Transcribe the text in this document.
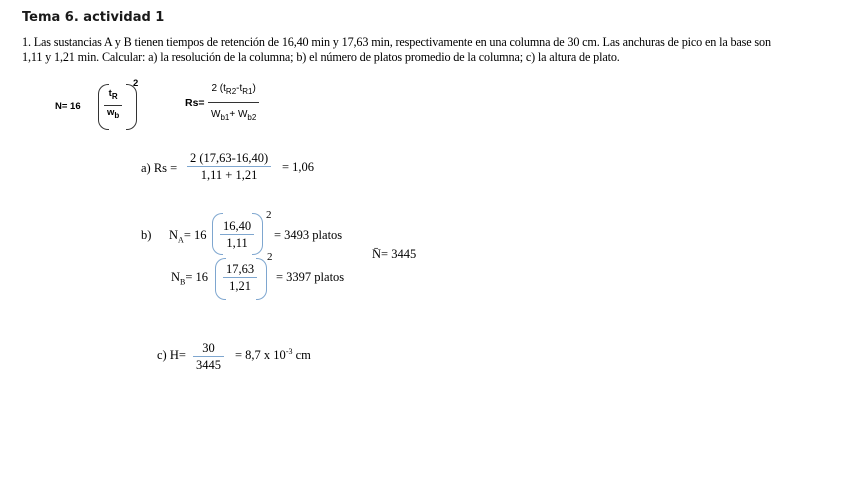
Tema 6. actividad 1
1. Las sustancias A y B tienen tiempos de retención de 16,40 min y 17,63 min, respectivamente en una columna de 30 cm. Las anchuras de pico en la base son 1,11 y 1,21 min. Calcular: a) la resolución de la columna; b) el número de platos promedio de la columna; c) la altura de plato.
$N= 16 \frac{t_R}{w_b}$
2
$Rs= \frac{2 (t_{R2}-t_{R1})}{W_{b1}+ W_{b2}}$
a) $Rs = \frac{2 (17,63-16,40)}{1,11 + 1,21} = 1,06$
b) $N_A= 16 \frac{16,40}{1,11}$
2
= 3493 platos
$N_B= 16 \frac{17,63}{1,21}$
2
= 3397 platos
N̄= 3445
c) $H= \frac{30}{3445} = 8,7$ x $10^{-3}$ cm
